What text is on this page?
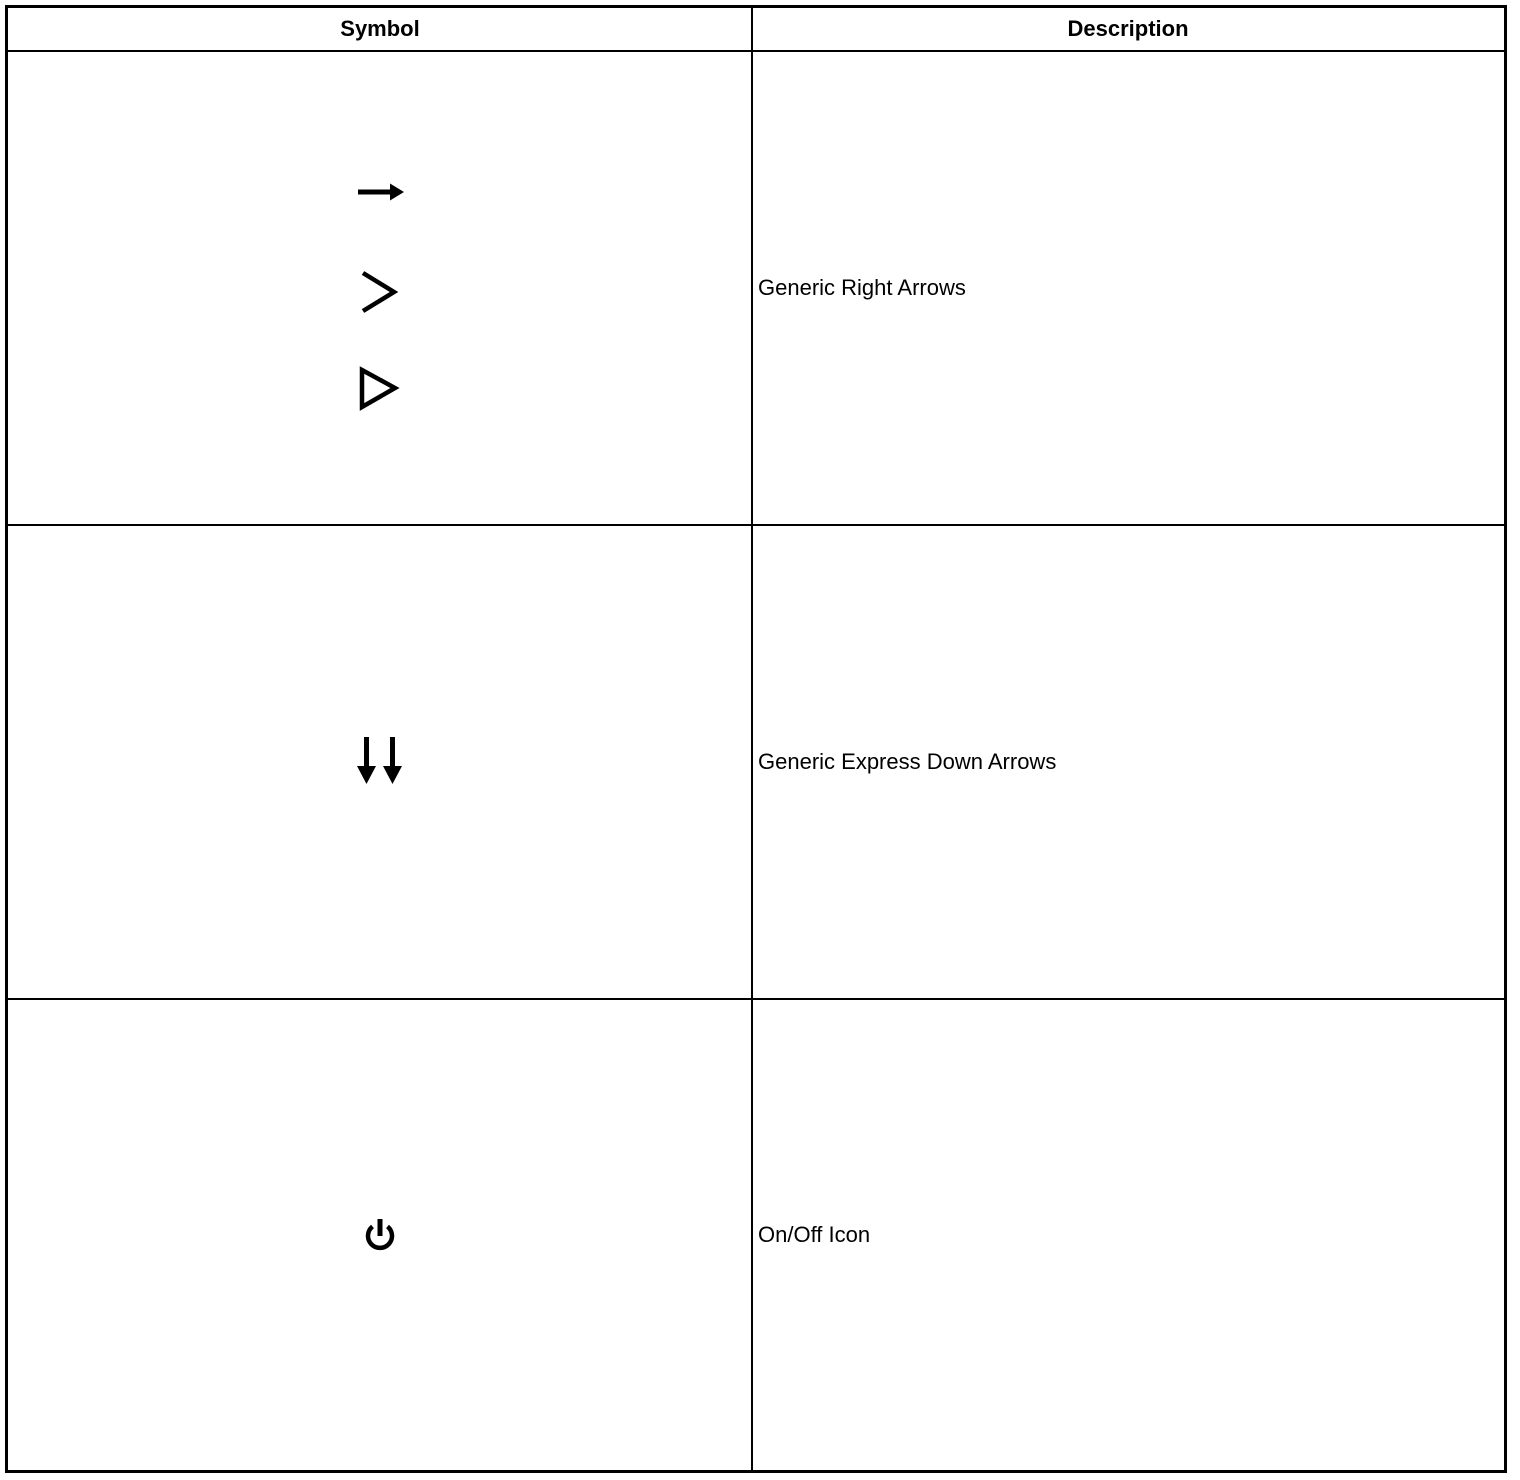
Symbol	Description
Generic Right Arrows
Generic Express Down Arrows
On/Off Icon
